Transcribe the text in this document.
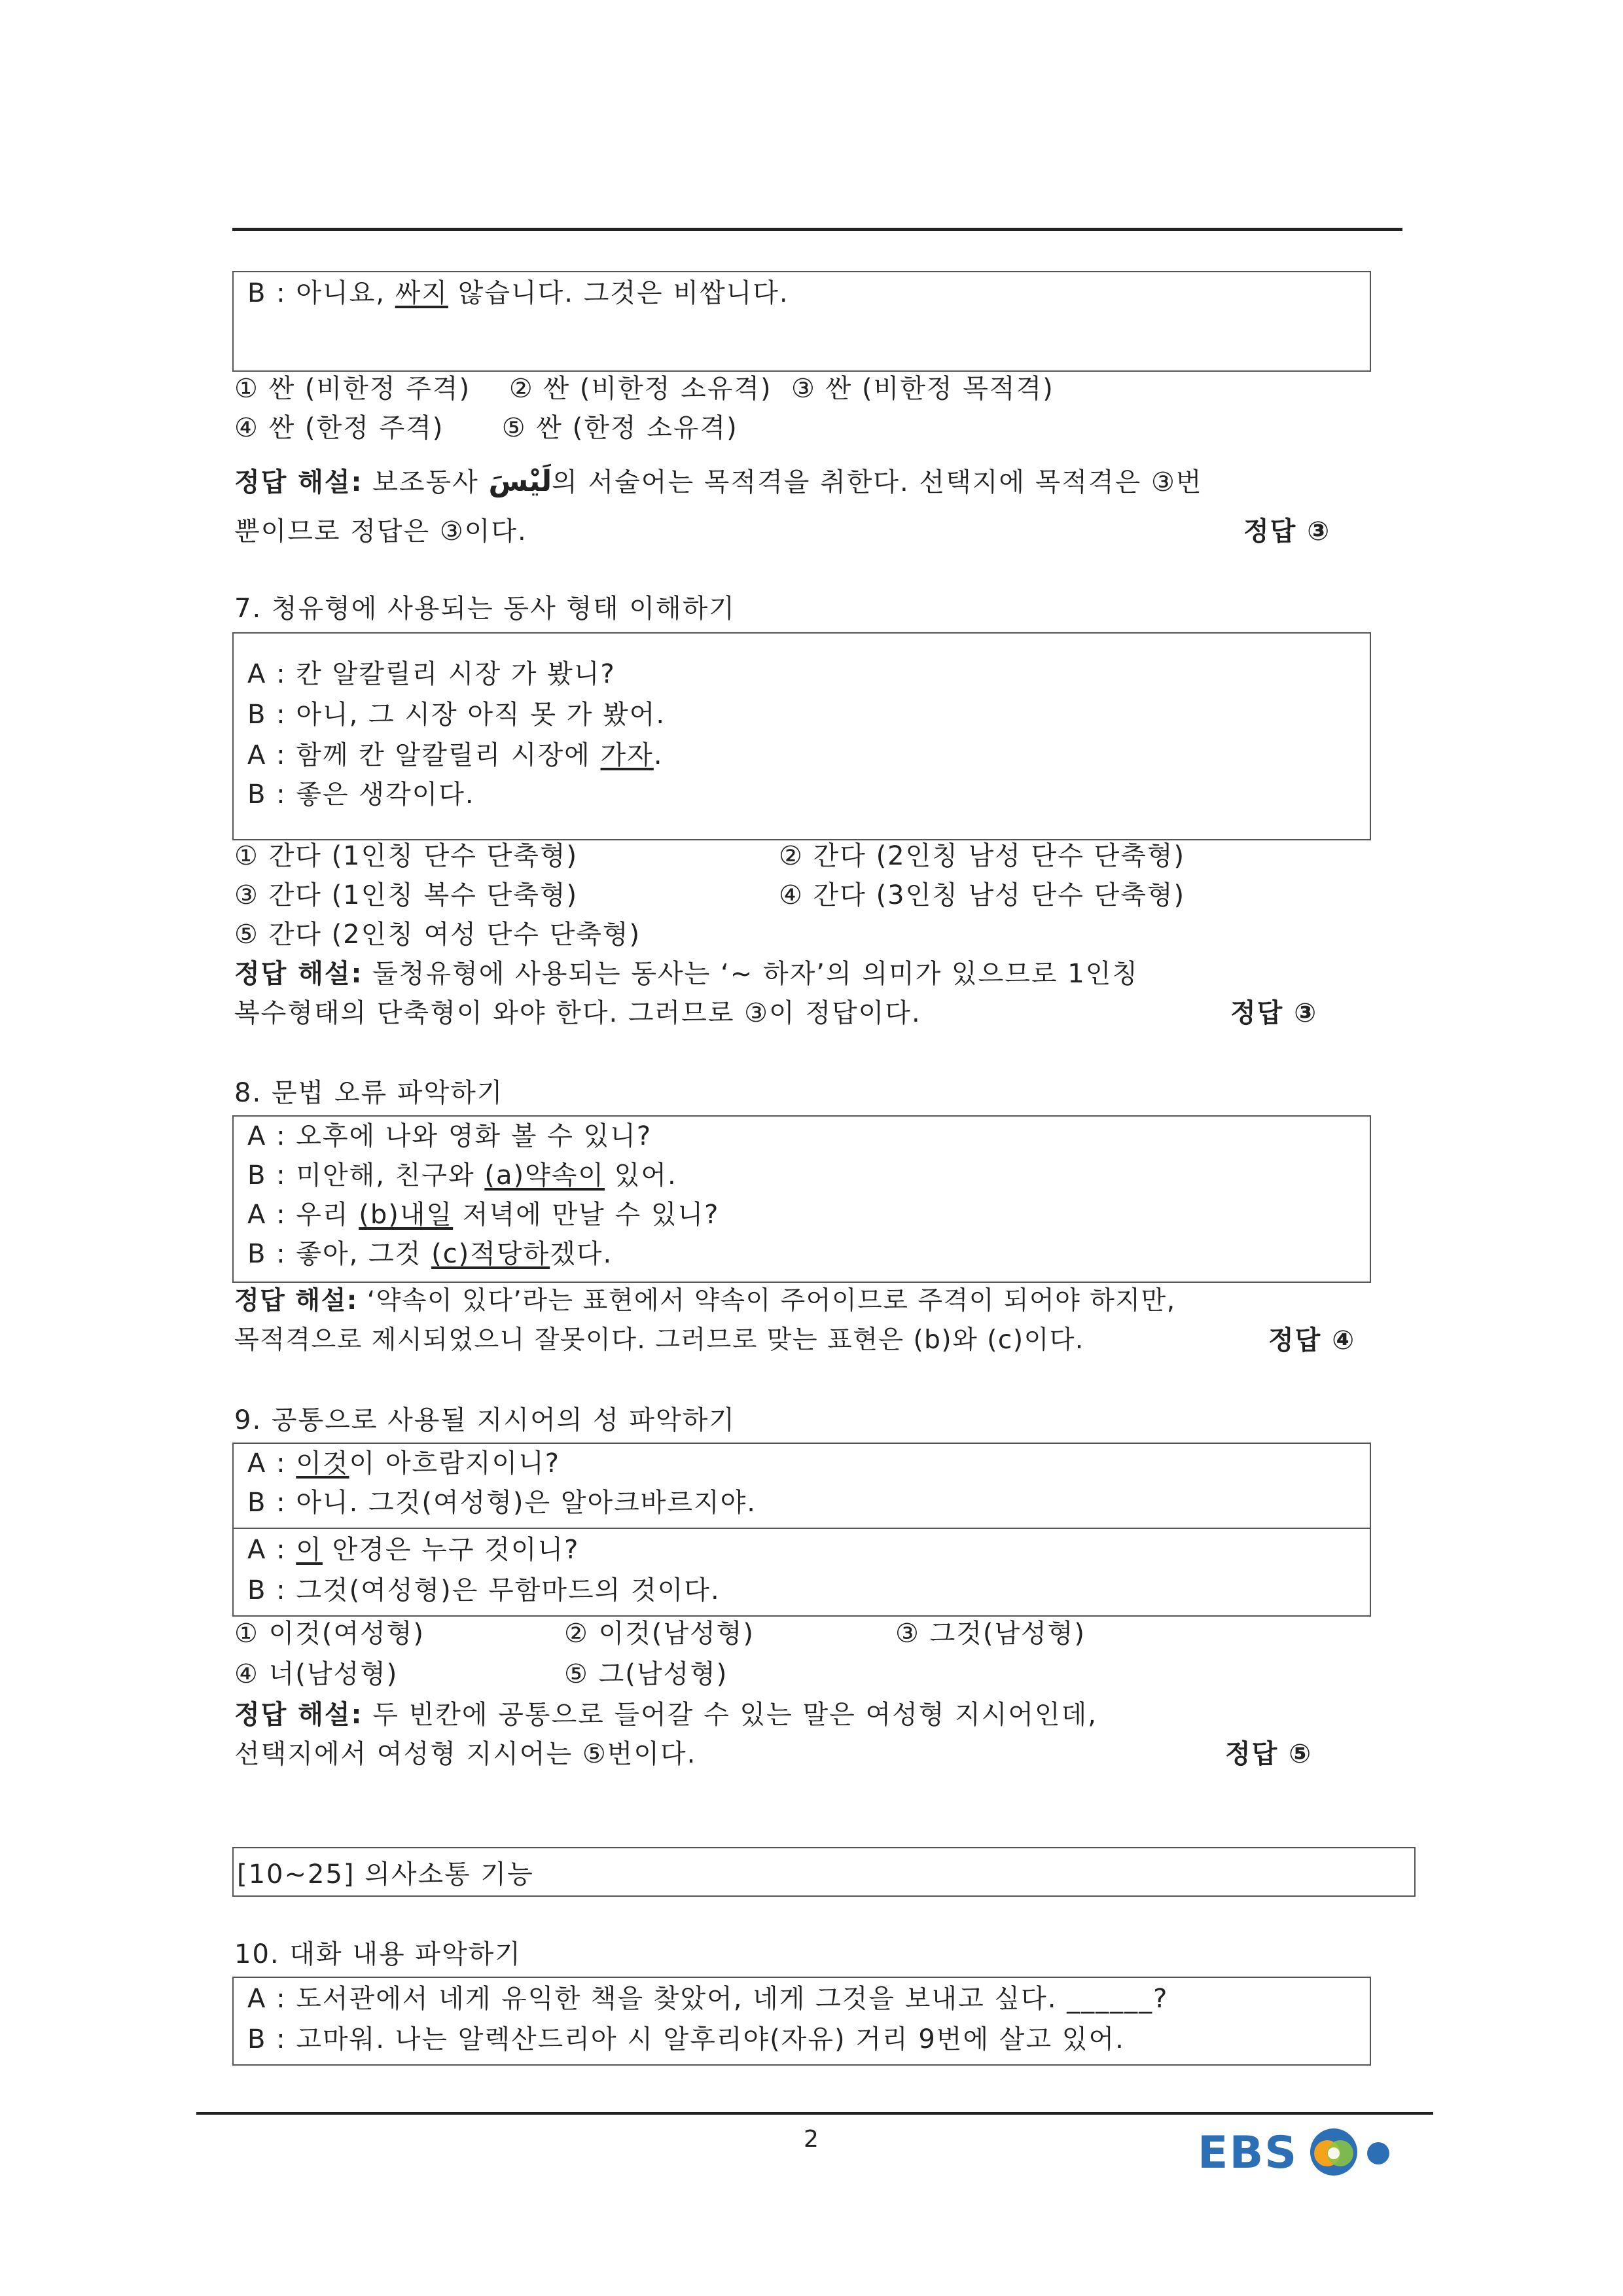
B : 아니요, 싸지 않습니다. 그것은 비쌉니다.
① 싼 (비한정 주격)    ② 싼 (비한정 소유격)  ③ 싼 (비한정 목적격)
④ 싼 (한정 주격)      ⑤ 싼 (한정 소유격)
정답 해설: 보조동사 لَيْسَ의 서술어는 목적격을 취한다. 선택지에 목적격은 ③번
뿐이므로 정답은 ③이다.	정답 ③
7. 청유형에 사용되는 동사 형태 이해하기
A : 칸 알칼릴리 시장 가 봤니?
B : 아니, 그 시장 아직 못 가 봤어.
A : 함께 칸 알칼릴리 시장에 가자.
B : 좋은 생각이다.
① 간다 (1인칭 단수 단축형)	② 간다 (2인칭 남성 단수 단축형)
③ 간다 (1인칭 복수 단축형)	④ 간다 (3인칭 남성 단수 단축형)
⑤ 간다 (2인칭 여성 단수 단축형)
정답 해설: 둘청유형에 사용되는 동사는 ‘~ 하자’의 의미가 있으므로 1인칭
복수형태의 단축형이 와야 한다. 그러므로 ③이 정답이다.	정답 ③
8. 문법 오류 파악하기
A : 오후에 나와 영화 볼 수 있니?
B : 미안해, 친구와 (a)약속이 있어.
A : 우리 (b)내일 저녁에 만날 수 있니?
B : 좋아, 그것 (c)적당하겠다.
정답 해설: ‘약속이 있다’라는 표현에서 약속이 주어이므로 주격이 되어야 하지만,
목적격으로 제시되었으니 잘못이다. 그러므로 맞는 표현은 (b)와 (c)이다.	정답 ④
9. 공통으로 사용될 지시어의 성 파악하기
A : 이것이 아흐람지이니?
B : 아니. 그것(여성형)은 알아크바르지야.
A : 이 안경은 누구 것이니?
B : 그것(여성형)은 무함마드의 것이다.
① 이것(여성형)	② 이것(남성형)	③ 그것(남성형)
④ 너(남성형)	⑤ 그(남성형)
정답 해설: 두 빈칸에 공통으로 들어갈 수 있는 말은 여성형 지시어인데,
선택지에서 여성형 지시어는 ⑤번이다.	정답 ⑤
[10~25] 의사소통 기능
10. 대화 내용 파악하기
A : 도서관에서 네게 유익한 책을 찾았어, 네게 그것을 보내고 싶다. ______?
B : 고마워. 나는 알렉산드리아 시 알후리야(자유) 거리 9번에 살고 있어.
2	EBS
